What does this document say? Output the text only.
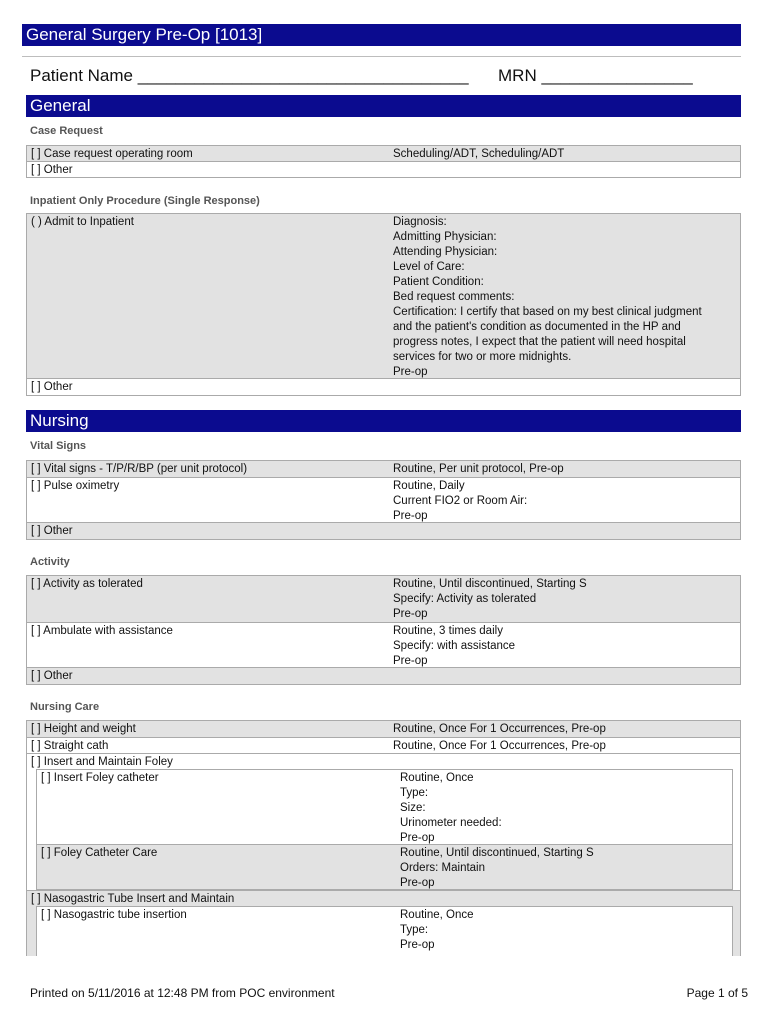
General Surgery Pre-Op [1013]
Patient Name ___________________________________ MRN ________________
General
Case Request
[ ] Case request operating room	Scheduling/ADT, Scheduling/ADT
[ ] Other
Inpatient Only Procedure (Single Response)
( ) Admit to Inpatient	Diagnosis:
Admitting Physician:
Attending Physician:
Level of Care:
Patient Condition:
Bed request comments:
Certification: I certify that based on my best clinical judgment
and the patient's condition as documented in the HP and
progress notes, I expect that the patient will need hospital
services for two or more midnights.
Pre-op
[ ] Other
Nursing
Vital Signs
[ ] Vital signs - T/P/R/BP (per unit protocol)	Routine, Per unit protocol, Pre-op
[ ] Pulse oximetry	Routine, Daily
Current FIO2 or Room Air:
Pre-op
[ ] Other
Activity
[ ] Activity as tolerated	Routine, Until discontinued, Starting S
Specify: Activity as tolerated
Pre-op
[ ] Ambulate with assistance	Routine, 3 times daily
Specify: with assistance
Pre-op
[ ] Other
Nursing Care
[ ] Height and weight	Routine, Once For 1 Occurrences, Pre-op
[ ] Straight cath	Routine, Once For 1 Occurrences, Pre-op
[ ] Insert and Maintain Foley
[ ] Insert Foley catheter	Routine, Once
Type:
Size:
Urinometer needed:
Pre-op
[ ] Foley Catheter Care	Routine, Until discontinued, Starting S
Orders: Maintain
Pre-op
[ ] Nasogastric Tube Insert and Maintain
[ ] Nasogastric tube insertion	Routine, Once
Type:
Pre-op
Printed on 5/11/2016 at 12:48 PM from POC environment	Page 1 of 5
